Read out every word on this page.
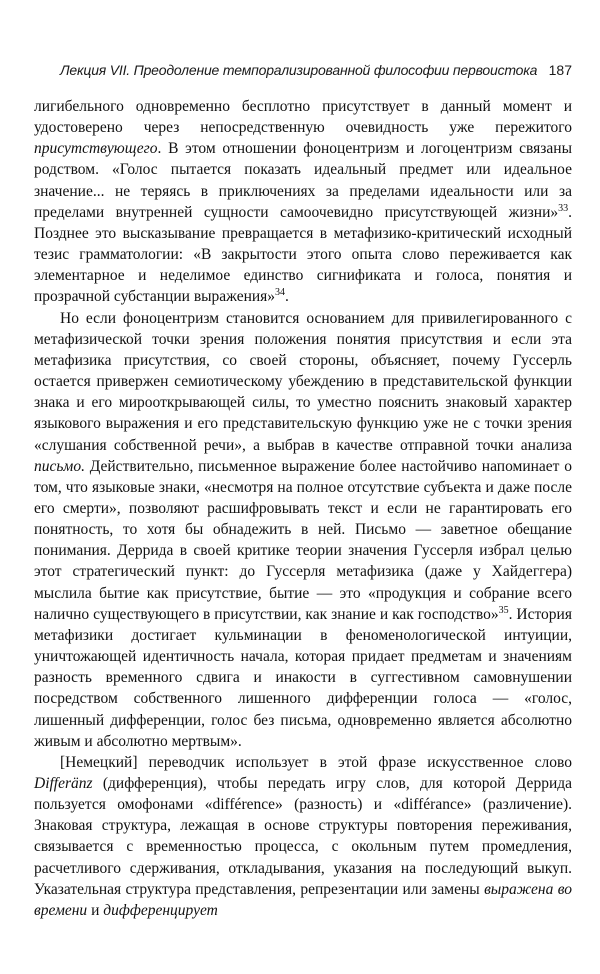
Лекция VII. Преодоление темпорализированной философии первоистока 187

лигибельного одновременно бесплотно присутствует в данный момент и удостоверено через непосредственную очевидность уже пережитого присутствующего. В этом отношении фоноцентризм и логоцентризм связаны родством. «Голос пытается показать идеальный предмет или идеальное значение... не теряясь в приключениях за пределами идеальности или за пределами внутренней сущности самоочевидно присутствующей жизни»$^{33}$. Позднее это высказывание превращается в метафизико-критический исходный тезис грамматологии: «В закрытости этого опыта слово переживается как элементарное и неделимое единство сигнификата и голоса, понятия и прозрачной субстанции выражения»$^{34}$.

Но если фоноцентризм становится основанием для привилегированного с метафизической точки зрения положения понятия присутствия и если эта метафизика присутствия, со своей стороны, объясняет, почему Гуссерль остается привержен семиотическому убеждению в представительской функции знака и его мирооткрывающей силы, то уместно пояснить знаковый характер языкового выражения и его представительскую функцию уже не с точки зрения «слушания собственной речи», а выбрав в качестве отправной точки анализа письмо. Действительно, письменное выражение более настойчиво напоминает о том, что языковые знаки, «несмотря на полное отсутствие субъекта и даже после его смерти», позволяют расшифровывать текст и если не гарантировать его понятность, то хотя бы обнадежить в ней. Письмо — заветное обещание понимания. Деррида в своей критике теории значения Гуссерля избрал целью этот стратегический пункт: до Гуссерля метафизика (даже у Хайдеггера) мыслила бытие как присутствие, бытие — это «продукция и собрание всего налично существующего в присутствии, как знание и как господство»$^{35}$. История метафизики достигает кульминации в феноменологической интуиции, уничтожающей идентичность начала, которая придает предметам и значениям разность временного сдвига и инакости в суггестивном самовнушении посредством собственного лишенного дифференции голоса — «голос, лишенный дифференции, голос без письма, одновременно является абсолютно живым и абсолютно мертвым».

[Немецкий] переводчик использует в этой фразе искусственное слово Differänz (дифференция), чтобы передать игру слов, для которой Деррида пользуется омофонами «différence» (разность) и «différance» (различение). Знаковая структура, лежащая в основе структуры повторения переживания, связывается с временностью процесса, с окольным путем промедления, расчетливого сдерживания, откладывания, указания на последующий выкуп. Указательная структура представления, репрезентации или замены выражена во времени и дифференцирует
